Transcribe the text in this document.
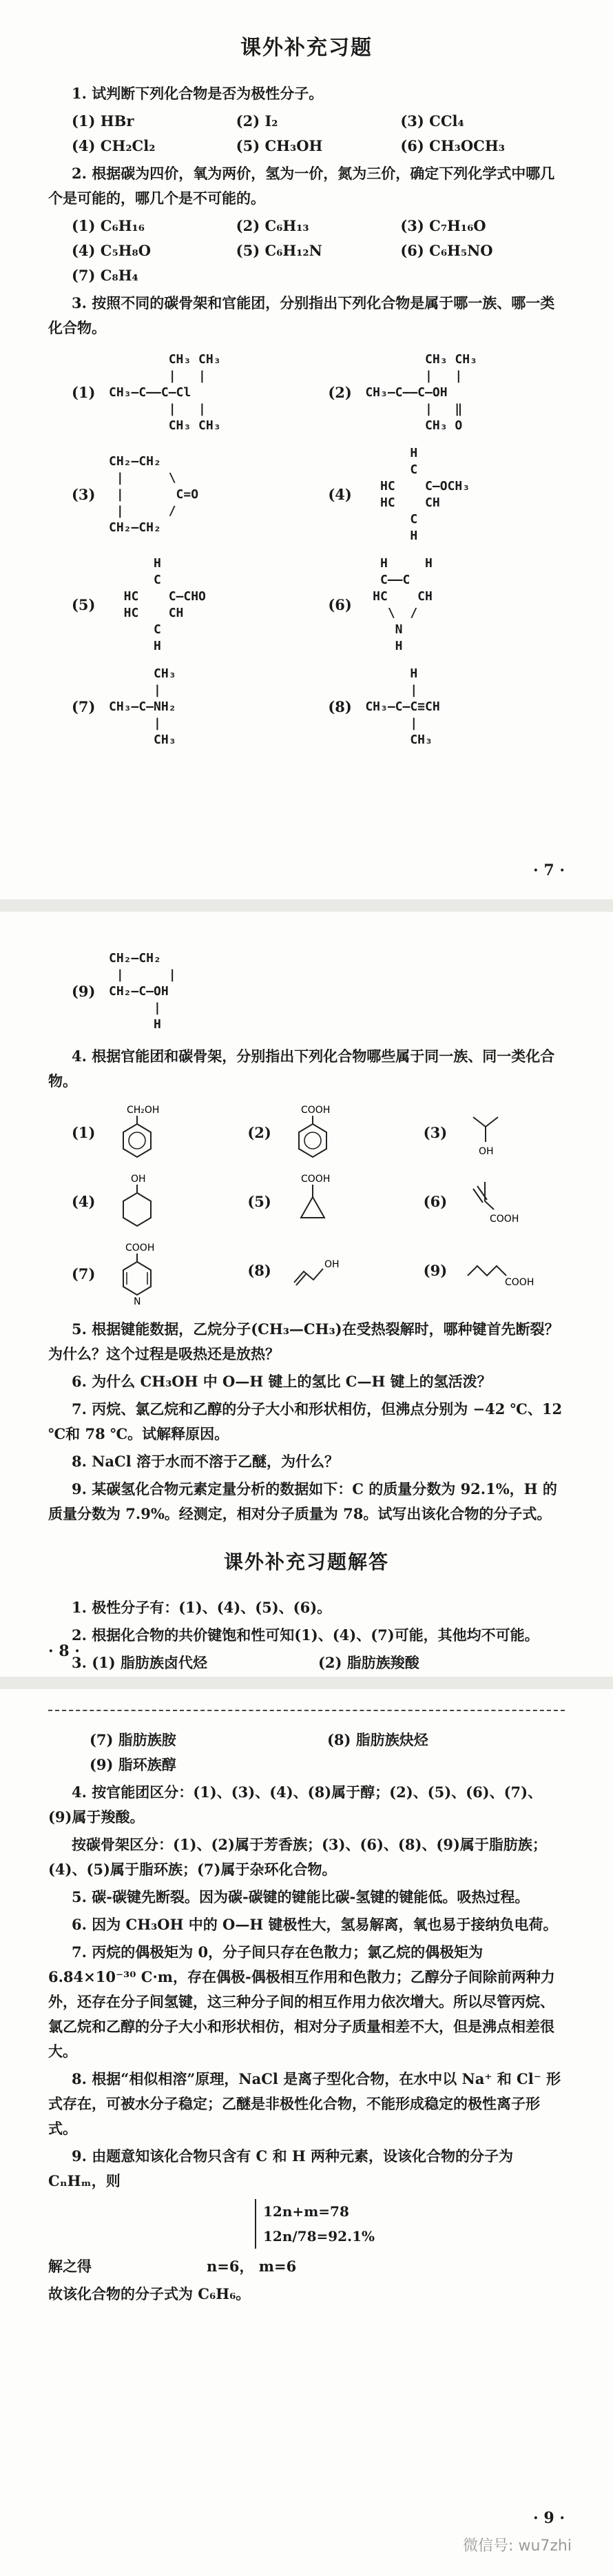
课外补充习题

1. 试判断下列化合物是否为极性分子。

(1) HBr	(2) I₂	(3) CCl₄
(4) CH₂Cl₂	(5) CH₃OH	(6) CH₃OCH₃

2. 根据碳为四价，氧为两价，氢为一价，氮为三价，确定下列化学式中哪几个是可能的，哪几个是不可能的。

(1) C₆H₁₆	(2) C₆H₁₃	(3) C₇H₁₆O
(4) C₅H₈O	(5) C₆H₁₂N	(6) C₆H₅NO
(7) C₈H₄

3. 按照不同的碳骨架和官能团，分别指出下列化合物是属于哪一族、哪一类化合物。

(1)
CH₃ CH₃
|   |
CH₃—C——C—Cl
|   |
CH₃ CH₃
(2)
CH₃ CH₃
|   |
CH₃—C——C—OH
|   ‖
CH₃ O
(3)
CH₂—CH₂
|      \
|       C=O
|      /
CH₂—CH₂
(4)
H
C
HC    C—OCH₃
HC    CH
C
H
(5)
H
C
HC    C—CHO
HC    CH
C
H
(6)
H     H
C——C
HC    CH
\  /
N
H
(7)
CH₃
|
CH₃—C—NH₂
|
CH₃
(8)
H
|
CH₃—C—C≡CH
|
CH₃
· 7 ·
(9)
CH₂—CH₂
|      |
CH₂—C—OH
|
H

4. 根据官能团和碳骨架，分别指出下列化合物哪些属于同一族、同一类化合物。

(1)
CH₂OH
(2)
COOH
(3)
OH
(4)
OH
(5)
COOH
(6)
COOH
(7)
COOH
N
(8)	OH	(9)
COOH

5. 根据键能数据，乙烷分子(CH₃—CH₃)在受热裂解时，哪种键首先断裂？为什么？这个过程是吸热还是放热？

6. 为什么 CH₃OH 中 O—H 键上的氢比 C—H 键上的氢活泼？

7. 丙烷、氯乙烷和乙醇的分子大小和形状相仿，但沸点分别为 −42 ℃、12 ℃和 78 ℃。试解释原因。

8. NaCl 溶于水而不溶于乙醚，为什么？

9. 某碳氢化合物元素定量分析的数据如下：C 的质量分数为 92.1%，H 的质量分数为 7.9%。经测定，相对分子质量为 78。试写出该化合物的分子式。

课外补充习题解答

1. 极性分子有：(1)、(4)、(5)、(6)。

2. 根据化合物的共价键饱和性可知(1)、(4)、(7)可能，其他均不可能。

3. (1) 脂肪族卤代烃	(2) 脂肪族羧酸
· 8 ·
(7) 脂肪族胺	(8) 脂肪族炔烃
(9) 脂环族醇

4. 按官能团区分：(1)、(3)、(4)、(8)属于醇；(2)、(5)、(6)、(7)、(9)属于羧酸。

按碳骨架区分：(1)、(2)属于芳香族；(3)、(6)、(8)、(9)属于脂肪族；(4)、(5)属于脂环族；(7)属于杂环化合物。

5. 碳-碳键先断裂。因为碳-碳键的键能比碳-氢键的键能低。吸热过程。

6. 因为 CH₃OH 中的 O—H 键极性大，氢易解离，氧也易于接纳负电荷。

7. 丙烷的偶极矩为 0，分子间只存在色散力；氯乙烷的偶极矩为 6.84×10⁻³⁰ C·m，存在偶极-偶极相互作用和色散力；乙醇分子间除前两种力外，还存在分子间氢键，这三种分子间的相互作用力依次增大。所以尽管丙烷、氯乙烷和乙醇的分子大小和形状相仿，相对分子质量相差不大，但是沸点相差很大。

8. 根据“相似相溶”原理，NaCl 是离子型化合物，在水中以 Na⁺ 和 Cl⁻ 形式存在，可被水分子稳定；乙醚是非极性化合物，不能形成稳定的极性离子形式。

9. 由题意知该化合物只含有 C 和 H 两种元素，设该化合物的分子为 CₙHₘ，则

12n+m=78
12n/78=92.1%
解之得	n=6， m=6

故该化合物的分子式为 C₆H₆。

· 9 ·
微信号: wu7zhi
